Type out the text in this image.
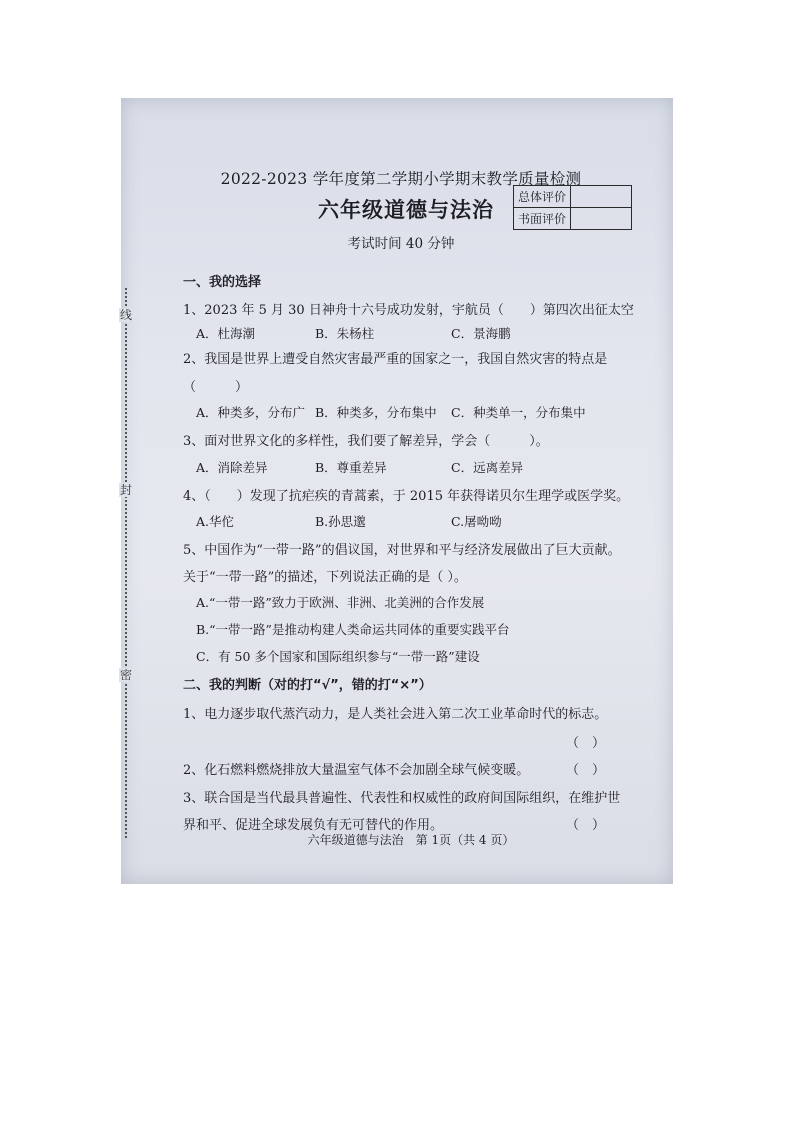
线
封
密
2022-2023 学年度第二学期小学期末教学质量检测
六年级道德与法治
考试时间 40 分钟
总体评价	
书面评价	
一、我的选择
1、2023 年 5 月 30 日神舟十六号成功发射，宇航员（　　）第四次出征太空
A．杜海潮	B．朱杨柱	C．景海鹏
2、我国是世界上遭受自然灾害最严重的国家之一，我国自然灾害的特点是
（　　　）
A．种类多，分布广 B．种类多，分布集中 C．种类单一，分布集中
3、面对世界文化的多样性，我们要了解差异，学会（　　　）。
A．消除差异	B．尊重差异	C．远离差异
4、（　　）发现了抗疟疾的青蒿素，于 2015 年获得诺贝尔生理学或医学奖。
A.华佗	B.孙思邈	C.屠呦呦
5、中国作为“一带一路”的倡议国，对世界和平与经济发展做出了巨大贡献。
关于“一带一路”的描述，下列说法正确的是（ ）。
A.“一带一路”致力于欧洲、非洲、北美洲的合作发展
B.“一带一路”是推动构建人类命运共同体的重要实践平台
C．有 50 多个国家和国际组织参与“一带一路”建设
二、我的判断（对的打“√”，错的打“×”）
1、电力逐步取代蒸汽动力，是人类社会进入第二次工业革命时代的标志。
（　）
2、化石燃料燃烧排放大量温室气体不会加剧全球气候变暖。	（　）
3、联合国是当代最具普遍性、代表性和权威性的政府间国际组织，在维护世
界和平、促进全球发展负有无可替代的作用。	（　）
六年级道德与法治　第 1页（共 4 页）
